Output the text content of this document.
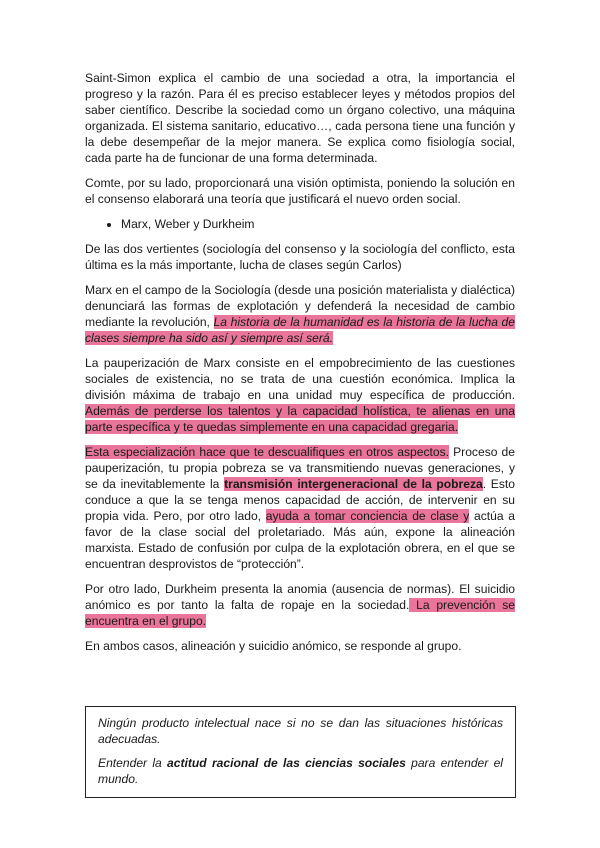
Saint-Simon explica el cambio de una sociedad a otra, la importancia el progreso y la razón. Para él es preciso establecer leyes y métodos propios del saber científico. Describe la sociedad como un órgano colectivo, una máquina organizada. El sistema sanitario, educativo…, cada persona tiene una función y la debe desempeñar de la mejor manera. Se explica como fisiología social, cada parte ha de funcionar de una forma determinada.

Comte, por su lado, proporcionará una visión optimista, poniendo la solución en el consenso elaborará una teoría que justificará el nuevo orden social.

• Marx, Weber y Durkheim

De las dos vertientes (sociología del consenso y la sociología del conflicto, esta última es la más importante, lucha de clases según Carlos)

Marx en el campo de la Sociología (desde una posición materialista y dialéctica) denunciará las formas de explotación y defenderá la necesidad de cambio mediante la revolución, La historia de la humanidad es la historia de la lucha de clases siempre ha sido así y siempre así será.

La pauperización de Marx consiste en el empobrecimiento de las cuestiones sociales de existencia, no se trata de una cuestión económica. Implica la división máxima de trabajo en una unidad muy específica de producción. Además de perderse los talentos y la capacidad holística, te alienas en una parte específica y te quedas simplemente en una capacidad gregaria.

Esta especialización hace que te descualifiques en otros aspectos. Proceso de pauperización, tu propia pobreza se va transmitiendo nuevas generaciones, y se da inevitablemente la transmisión intergeneracional de la pobreza. Esto conduce a que la se tenga menos capacidad de acción, de intervenir en su propia vida. Pero, por otro lado, ayuda a tomar conciencia de clase y actúa a favor de la clase social del proletariado. Más aún, expone la alineación marxista. Estado de confusión por culpa de la explotación obrera, en el que se encuentran desprovistos de “protección”.

Por otro lado, Durkheim presenta la anomia (ausencia de normas). El suicidio anómico es por tanto la falta de ropaje en la sociedad. La prevención se encuentra en el grupo.

En ambos casos, alineación y suicidio anómico, se responde al grupo.

Ningún producto intelectual nace si no se dan las situaciones históricas adecuadas.

Entender la actitud racional de las ciencias sociales para entender el mundo.
